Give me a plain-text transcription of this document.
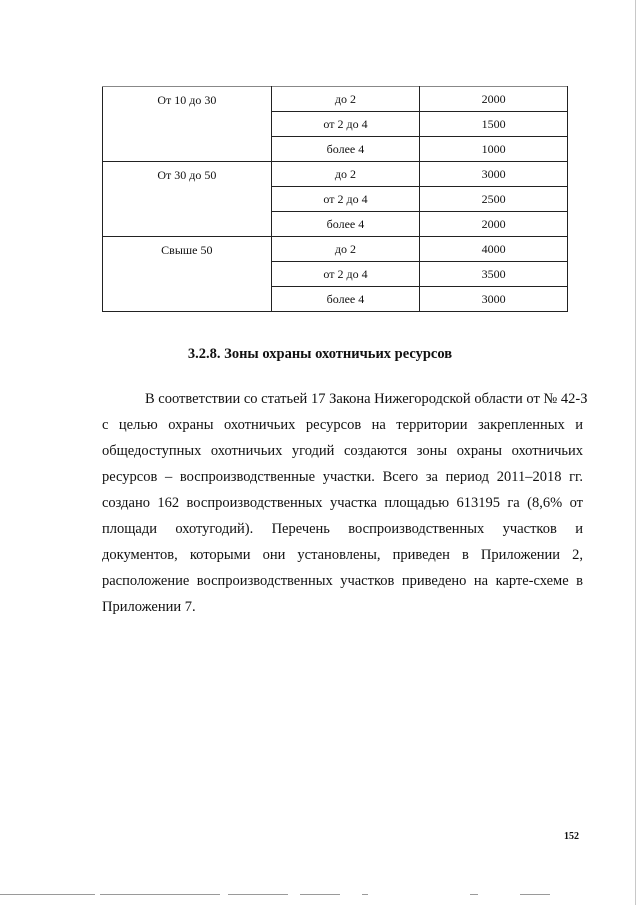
От 10 до 30	до 2	2000
	от 2 до 4	1500
	более 4	1000
От 30 до 50	до 2	3000
	от 2 до 4	2500
	более 4	2000
Свыше 50	до 2	4000
	от 2 до 4	3500
	более 4	3000
3.2.8. Зоны охраны охотничьих ресурсов
В соответствии со статьей 17 Закона Нижегородской области от № 42-З
с целью охраны охотничьих ресурсов на территории закрепленных и
общедоступных охотничьих угодий создаются зоны охраны охотничьих
ресурсов – воспроизводственные участки. Всего за период 2011–2018 гг.
создано 162 воспроизводственных участка площадью 613195 га (8,6% от
площади охотугодий). Перечень воспроизводственных участков и
документов, которыми они установлены, приведен в Приложении 2,
расположение воспроизводственных участков приведено на карте-схеме в
Приложении 7.
152
